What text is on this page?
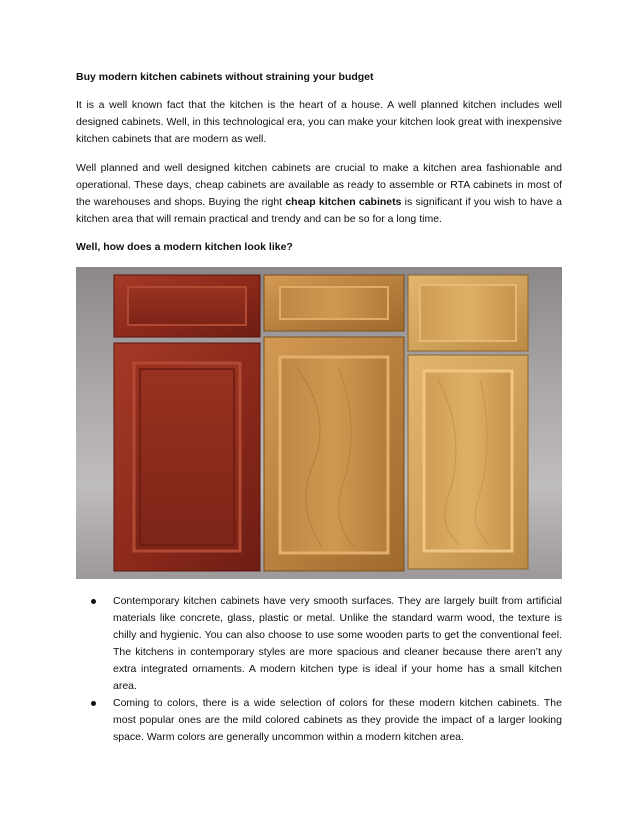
Buy modern kitchen cabinets without straining your budget

It is a well known fact that the kitchen is the heart of a house. A well planned kitchen includes well designed cabinets. Well, in this technological era, you can make your kitchen look great with inexpensive kitchen cabinets that are modern as well.

Well planned and well designed kitchen cabinets are crucial to make a kitchen area fashionable and operational. These days, cheap cabinets are available as ready to assemble or RTA cabinets in most of the warehouses and shops. Buying the right cheap kitchen cabinets is significant if you wish to have a kitchen area that will remain practical and trendy and can be so for a long time.

Well, how does a modern kitchen look like?

Contemporary kitchen cabinets have very smooth surfaces. They are largely built from artificial materials like concrete, glass, plastic or metal. Unlike the standard warm wood, the texture is chilly and hygienic. You can also choose to use some wooden parts to get the conventional feel. The kitchens in contemporary styles are more spacious and cleaner because there aren’t any extra integrated ornaments. A modern kitchen type is ideal if your home has a small kitchen area.
Coming to colors, there is a wide selection of colors for these modern kitchen cabinets. The most popular ones are the mild colored cabinets as they provide the impact of a larger looking space. Warm colors are generally uncommon within a modern kitchen area.
